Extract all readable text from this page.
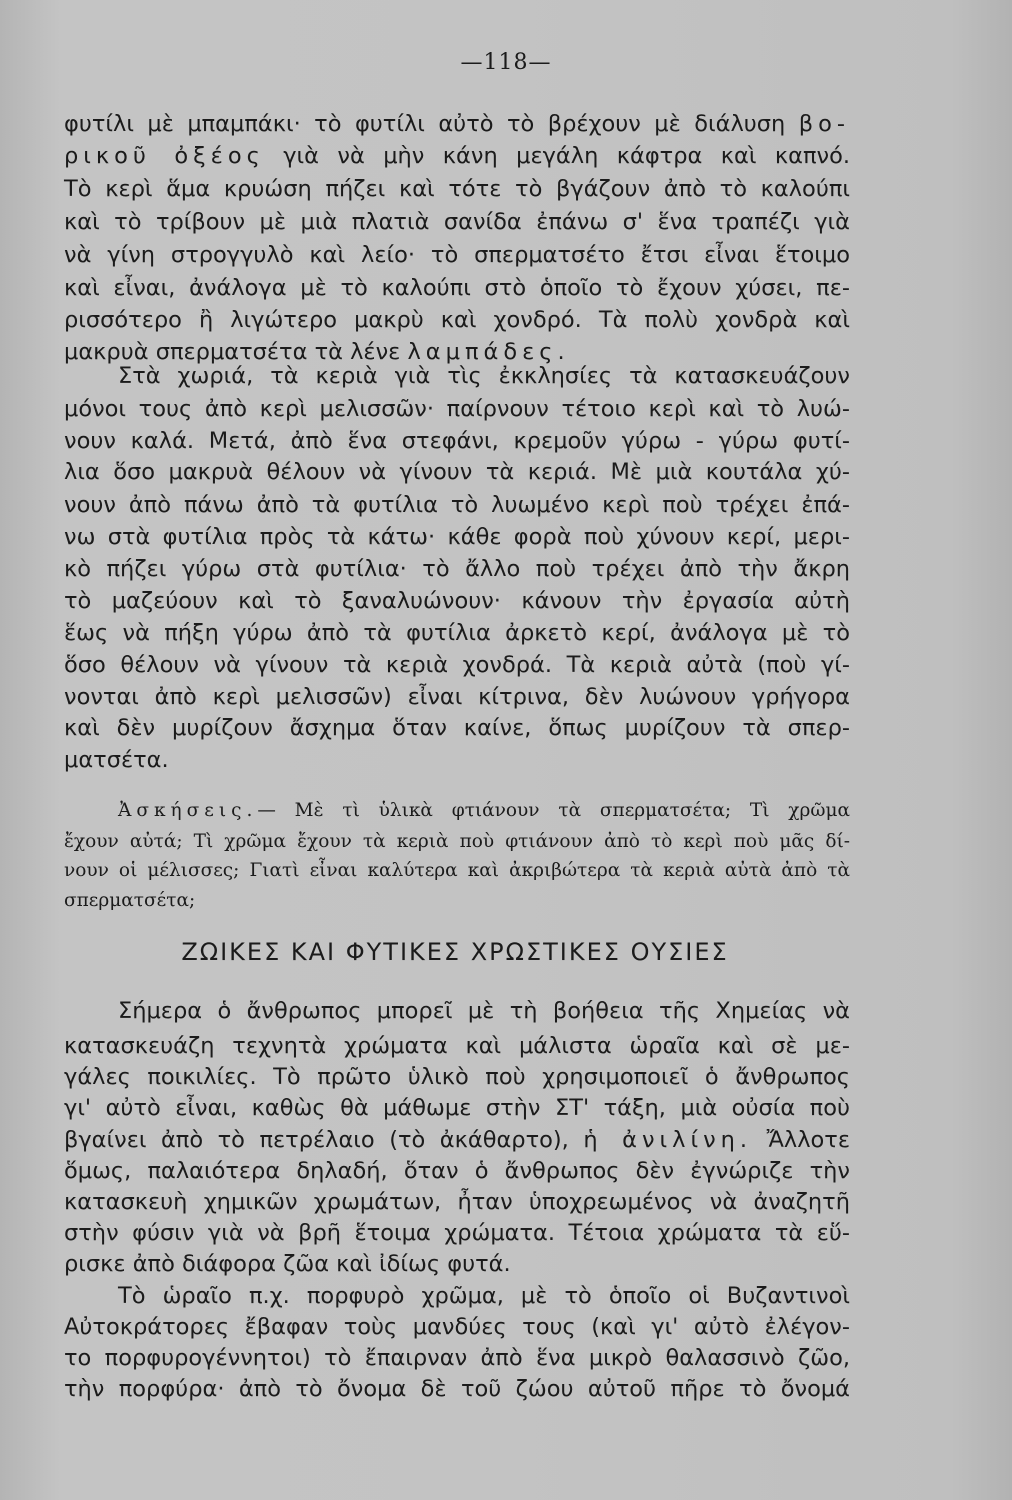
—118—
φυτίλι μὲ μπαμπάκι· τὸ φυτίλι αὐτὸ τὸ βρέχουν μὲ διάλυση βο-
ρικοῦ ὀξέος γιὰ νὰ μὴν κάνη μεγάλη κάφτρα καὶ καπνό.
Τὸ κερὶ ἅμα κρυώση πήζει καὶ τότε τὸ βγάζουν ἀπὸ τὸ καλούπι
καὶ τὸ τρίβουν μὲ μιὰ πλατιὰ σανίδα ἐπάνω σ' ἕνα τραπέζι γιὰ
νὰ γίνη στρογγυλὸ καὶ λείο· τὸ σπερματσέτο ἔτσι εἶναι ἕτοιμο
καὶ εἶναι, ἀνάλογα μὲ τὸ καλούπι στὸ ὁποῖο τὸ ἔχουν χύσει, πε-
ρισσότερο ἢ λιγώτερο μακρὺ καὶ χονδρό. Τὰ πολὺ χονδρὰ καὶ
μακρυὰ σπερματσέτα τὰ λένε λαμπάδες.
Στὰ χωριά, τὰ κεριὰ γιὰ τὶς ἐκκλησίες τὰ κατασκευάζουν
μόνοι τους ἀπὸ κερὶ μελισσῶν· παίρνουν τέτοιο κερὶ καὶ τὸ λυώ-
νουν καλά. Μετά, ἀπὸ ἕνα στεφάνι, κρεμοῦν γύρω - γύρω φυτί-
λια ὅσο μακρυὰ θέλουν νὰ γίνουν τὰ κεριά. Μὲ μιὰ κουτάλα χύ-
νουν ἀπὸ πάνω ἀπὸ τὰ φυτίλια τὸ λυωμένο κερὶ ποὺ τρέχει ἐπά-
νω στὰ φυτίλια πρὸς τὰ κάτω· κάθε φορὰ ποὺ χύνουν κερί, μερι-
κὸ πήζει γύρω στὰ φυτίλια· τὸ ἄλλο ποὺ τρέχει ἀπὸ τὴν ἄκρη
τὸ μαζεύουν καὶ τὸ ξαναλυώνουν· κάνουν τὴν ἐργασία αὐτὴ
ἕως νὰ πήξη γύρω ἀπὸ τὰ φυτίλια ἀρκετὸ κερί, ἀνάλογα μὲ τὸ
ὅσο θέλουν νὰ γίνουν τὰ κεριὰ χονδρά. Τὰ κεριὰ αὐτὰ (ποὺ γί-
νονται ἀπὸ κερὶ μελισσῶν) εἶναι κίτρινα, δὲν λυώνουν γρήγορα
καὶ δὲν μυρίζουν ἄσχημα ὅταν καίνε, ὅπως μυρίζουν τὰ σπερ-
ματσέτα.
Ἀσκήσεις.— Μὲ τὶ ὑλικὰ φτιάνουν τὰ σπερματσέτα; Τὶ χρῶμα
ἔχουν αὐτά; Τὶ χρῶμα ἔχουν τὰ κεριὰ ποὺ φτιάνουν ἀπὸ τὸ κερὶ ποὺ μᾶς δί-
νουν οἱ μέλισσες; Γιατὶ εἶναι καλύτερα καὶ ἀκριβώτερα τὰ κεριὰ αὐτὰ ἀπὸ τὰ
σπερματσέτα;
ΖΩΙΚΕΣ ΚΑΙ ΦΥΤΙΚΕΣ ΧΡΩΣΤΙΚΕΣ ΟΥΣΙΕΣ
Σήμερα ὁ ἄνθρωπος μπορεῖ μὲ τὴ βοήθεια τῆς Χημείας νὰ
κατασκευάζη τεχνητὰ χρώματα καὶ μάλιστα ὡραῖα καὶ σὲ με-
γάλες ποικιλίες. Τὸ πρῶτο ὑλικὸ ποὺ χρησιμοποιεῖ ὁ ἄνθρωπος
γι' αὐτὸ εἶναι, καθὼς θὰ μάθωμε στὴν ΣΤ' τάξη, μιὰ οὐσία ποὺ
βγαίνει ἀπὸ τὸ πετρέλαιο (τὸ ἀκάθαρτο), ἡ ἀνιλίνη. Ἄλλοτε
ὅμως, παλαιότερα δηλαδή, ὅταν ὁ ἄνθρωπος δὲν ἐγνώριζε τὴν
κατασκευὴ χημικῶν χρωμάτων, ἦταν ὑποχρεωμένος νὰ ἀναζητῆ
στὴν φύσιν γιὰ νὰ βρῆ ἕτοιμα χρώματα. Τέτοια χρώματα τὰ εὕ-
ρισκε ἀπὸ διάφορα ζῶα καὶ ἰδίως φυτά.
Τὸ ὡραῖο π.χ. πορφυρὸ χρῶμα, μὲ τὸ ὁποῖο οἱ Βυζαντινοὶ
Αὐτοκράτορες ἔβαφαν τοὺς μανδύες τους (καὶ γι' αὐτὸ ἐλέγον-
το πορφυρογέννητοι) τὸ ἔπαιρναν ἀπὸ ἕνα μικρὸ θαλασσινὸ ζῶο,
τὴν πορφύρα· ἀπὸ τὸ ὄνομα δὲ τοῦ ζώου αὐτοῦ πῆρε τὸ ὄνομά
